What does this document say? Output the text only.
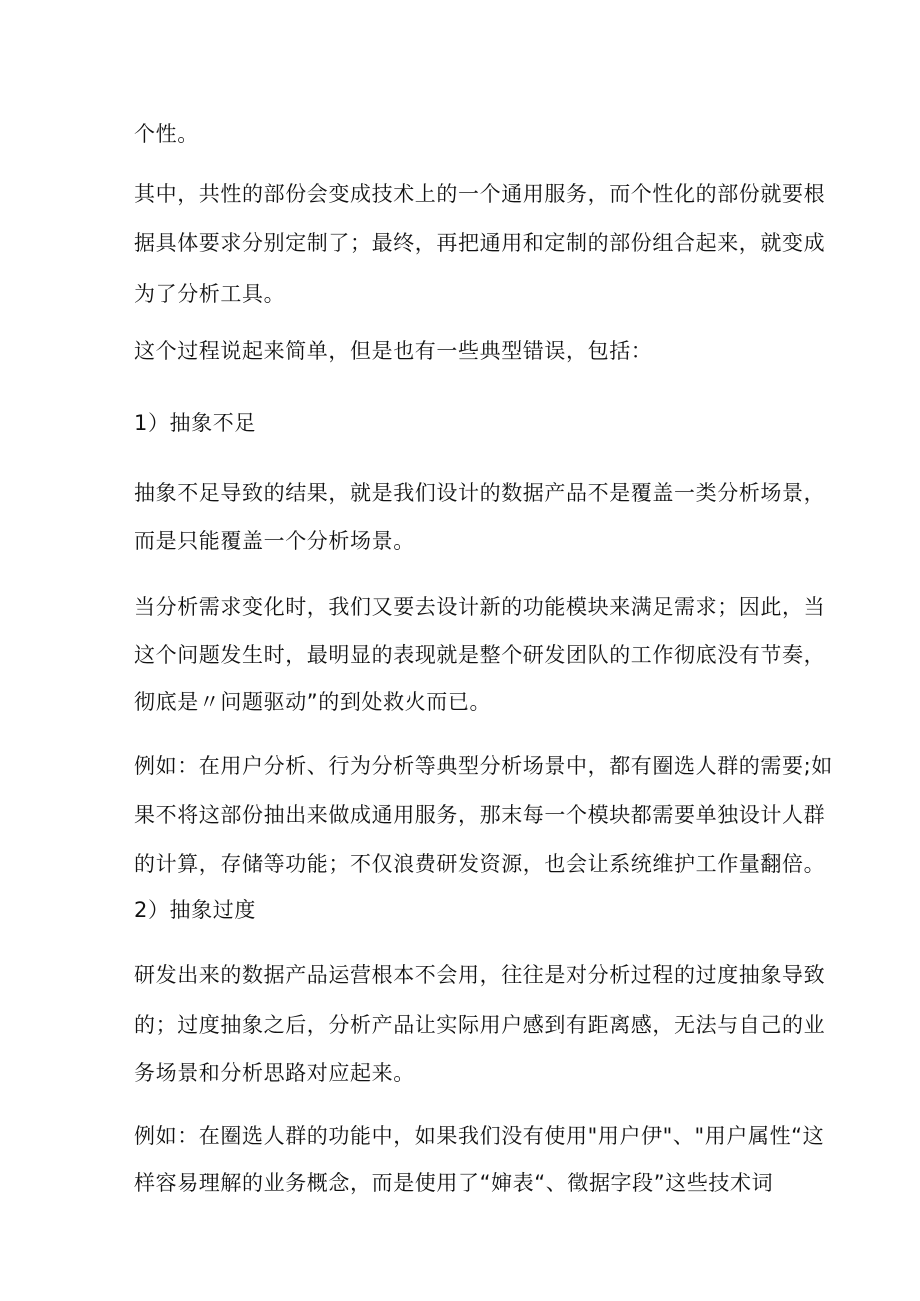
个性。

其中，共性的部份会变成技术上的一个通用服务，而个性化的部份就要根

据具体要求分别定制了；最终，再把通用和定制的部份组合起来，就变成

为了分析工具。

这个过程说起来简单，但是也有一些典型错误，包括：

1）抽象不足

抽象不足导致的结果，就是我们设计的数据产品不是覆盖一类分析场景，

而是只能覆盖一个分析场景。

当分析需求变化时，我们又要去设计新的功能模块来满足需求；因此，当

这个问题发生时，最明显的表现就是整个研发团队的工作彻底没有节奏，

彻底是〃问题驱动”的到处救火而已。

例如：在用户分析、行为分析等典型分析场景中，都有圈选人群的需要;如

果不将这部份抽出来做成通用服务，那末每一个模块都需要单独设计人群

的计算，存储等功能；不仅浪费研发资源，也会让系统维护工作量翻倍。

2）抽象过度

研发出来的数据产品运营根本不会用，往往是对分析过程的过度抽象导致

的；过度抽象之后，分析产品让实际用户感到有距离感，无法与自己的业

务场景和分析思路对应起来。

例如：在圈选人群的功能中，如果我们没有使用"用户伊"、"用户属性“这

样容易理解的业务概念，而是使用了“婶表“、徵据字段”这些技术词
